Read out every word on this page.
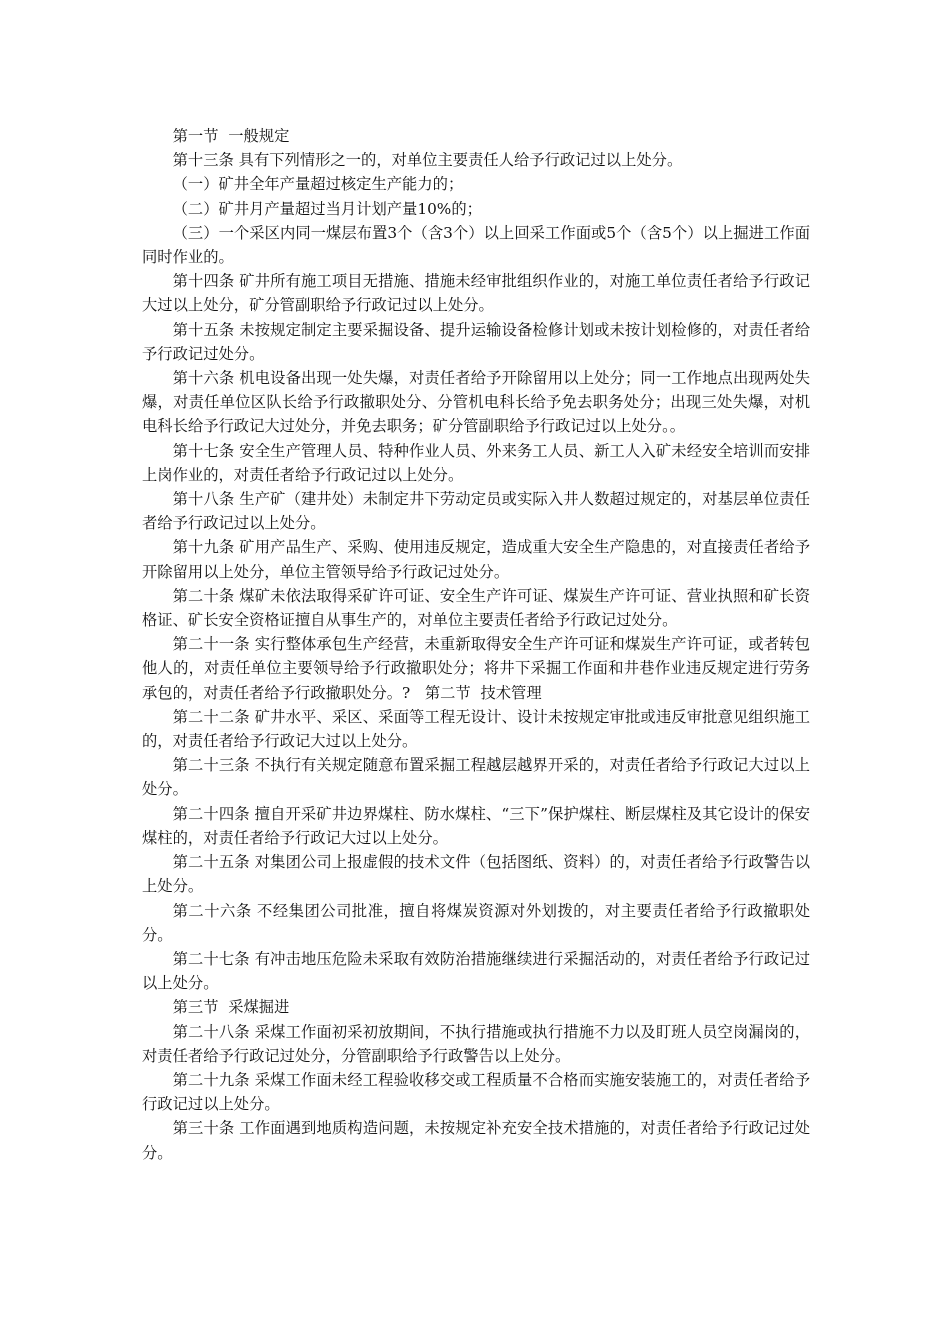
第一节  一般规定

第十三条 具有下列情形之一的，对单位主要责任人给予行政记过以上处分。

（一）矿井全年产量超过核定生产能力的；

（二）矿井月产量超过当月计划产量10%的；

（三）一个采区内同一煤层布置3个（含3个）以上回采工作面或5个（含5个）以上掘进工作面同时作业的。

第十四条 矿井所有施工项目无措施、措施未经审批组织作业的，对施工单位责任者给予行政记大过以上处分，矿分管副职给予行政记过以上处分。

第十五条 未按规定制定主要采掘设备、提升运输设备检修计划或未按计划检修的，对责任者给予行政记过处分。

第十六条 机电设备出现一处失爆，对责任者给予开除留用以上处分；同一工作地点出现两处失爆，对责任单位区队长给予行政撤职处分、分管机电科长给予免去职务处分；出现三处失爆，对机电科长给予行政记大过处分，并免去职务；矿分管副职给予行政记过以上处分。。

第十七条 安全生产管理人员、特种作业人员、外来务工人员、新工人入矿未经安全培训而安排上岗作业的，对责任者给予行政记过以上处分。

第十八条 生产矿（建井处）未制定井下劳动定员或实际入井人数超过规定的，对基层单位责任者给予行政记过以上处分。

第十九条 矿用产品生产、采购、使用违反规定，造成重大安全生产隐患的，对直接责任者给予开除留用以上处分，单位主管领导给予行政记过处分。

第二十条 煤矿未依法取得采矿许可证、安全生产许可证、煤炭生产许可证、营业执照和矿长资格证、矿长安全资格证擅自从事生产的，对单位主要责任者给予行政记过处分。

第二十一条 实行整体承包生产经营，未重新取得安全生产许可证和煤炭生产许可证，或者转包他人的，对责任单位主要领导给予行政撤职处分；将井下采掘工作面和井巷作业违反规定进行劳务承包的，对责任者给予行政撤职处分。?   第二节  技术管理

第二十二条 矿井水平、采区、采面等工程无设计、设计未按规定审批或违反审批意见组织施工的，对责任者给予行政记大过以上处分。

第二十三条 不执行有关规定随意布置采掘工程越层越界开采的，对责任者给予行政记大过以上处分。

第二十四条 擅自开采矿井边界煤柱、防水煤柱、“三下”保护煤柱、断层煤柱及其它设计的保安煤柱的，对责任者给予行政记大过以上处分。

第二十五条 对集团公司上报虚假的技术文件（包括图纸、资料）的，对责任者给予行政警告以上处分。

第二十六条 不经集团公司批准，擅自将煤炭资源对外划拨的，对主要责任者给予行政撤职处分。

第二十七条 有冲击地压危险未采取有效防治措施继续进行采掘活动的，对责任者给予行政记过以上处分。

第三节  采煤掘进

第二十八条 采煤工作面初采初放期间，不执行措施或执行措施不力以及盯班人员空岗漏岗的，对责任者给予行政记过处分，分管副职给予行政警告以上处分。

第二十九条 采煤工作面未经工程验收移交或工程质量不合格而实施安装施工的，对责任者给予行政记过以上处分。

第三十条 工作面遇到地质构造问题，未按规定补充安全技术措施的，对责任者给予行政记过处分。
